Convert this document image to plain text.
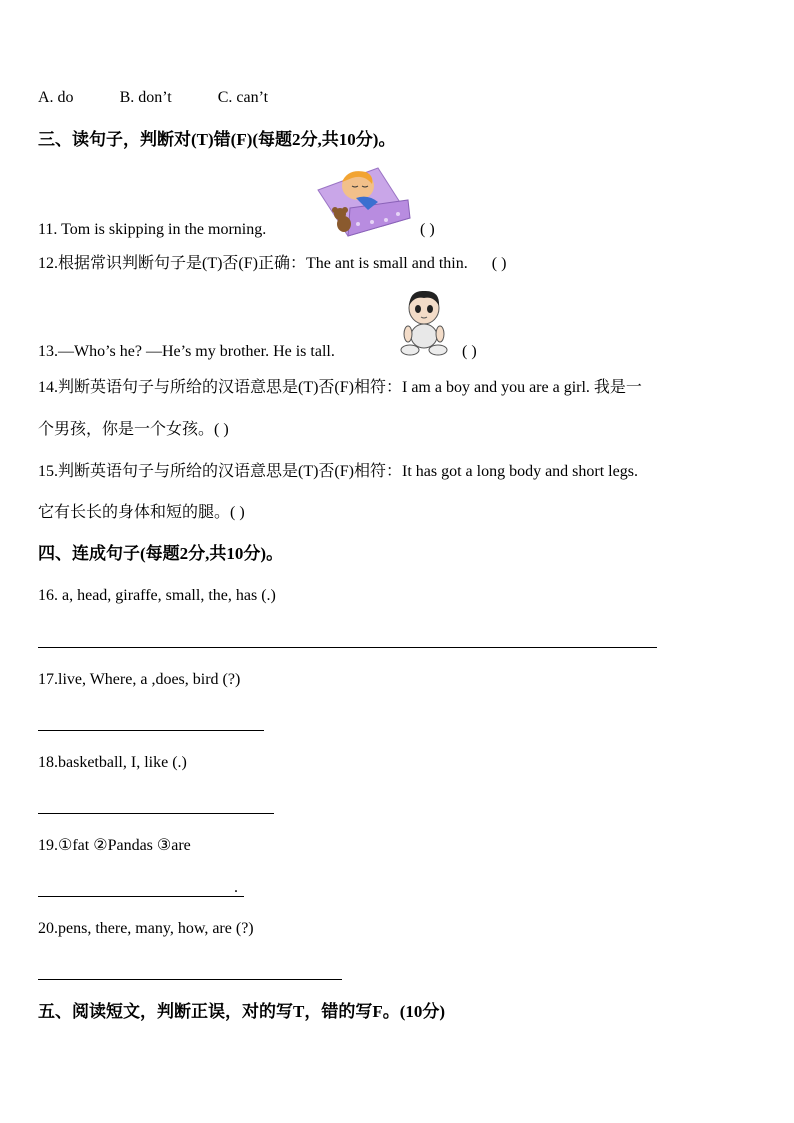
A. do	B. don’t	C. can’t
三、读句子，判断对(T)错(F)(每题2分,共10分)。
11. Tom is skipping in the morning.	( )
12.根据常识判断句子是(T)否(F)正确：The ant is small and thin. ( )
13.—Who’s he? —He’s my brother. He is tall.	( )
14.判断英语句子与所给的汉语意思是(T)否(F)相符：I am a boy and you are a girl. 我是一
个男孩，你是一个女孩。( )
15.判断英语句子与所给的汉语意思是(T)否(F)相符：It has got a long body and short legs.
它有长长的身体和短的腿。( )
四、连成句子(每题2分,共10分)。
16. a, head, giraffe, small, the, has (.)
17.live, Where, a ,does, bird (?)
18.basketball, I, like (.)
19.①fat ②Pandas ③are
.
20.pens, there, many, how, are (?)
五、阅读短文，判断正误，对的写T，错的写F。(10分)
